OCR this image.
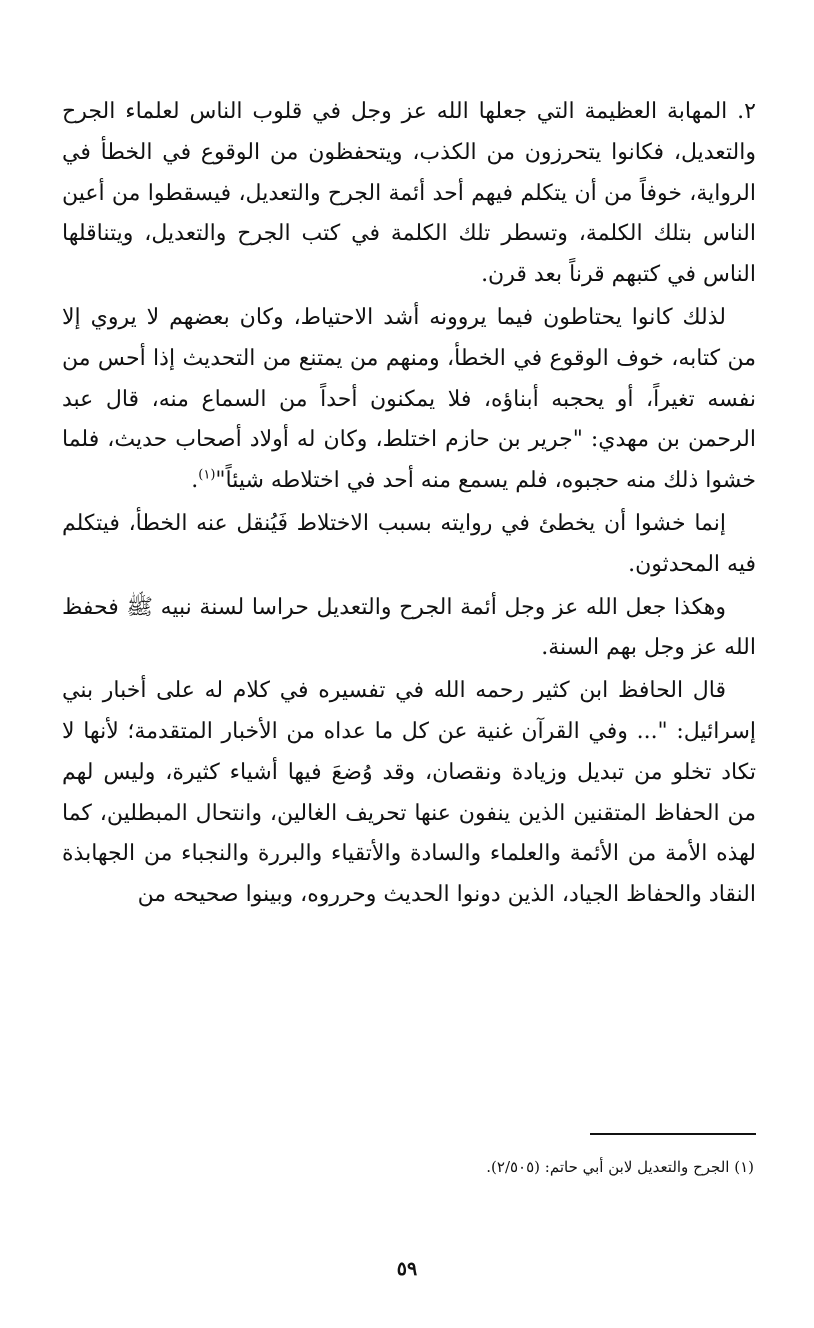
٢. المهابة العظيمة التي جعلها الله عز وجل في قلوب الناس لعلماء الجرح والتعديل، فكانوا يتحرزون من الكذب، ويتحفظون من الوقوع في الخطأ في الرواية، خوفاً من أن يتكلم فيهم أحد أئمة الجرح والتعديل، فيسقطوا من أعين الناس بتلك الكلمة، وتسطر تلك الكلمة في كتب الجرح والتعديل، ويتناقلها الناس في كتبهم قرناً بعد قرن.

لذلك كانوا يحتاطون فيما يروونه أشد الاحتياط، وكان بعضهم لا يروي إلا من كتابه، خوف الوقوع في الخطأ، ومنهم من يمتنع من التحديث إذا أحس من نفسه تغيراً، أو يحجبه أبناؤه، فلا يمكنون أحداً من السماع منه، قال عبد الرحمن بن مهدي: "جرير بن حازم اختلط، وكان له أولاد أصحاب حديث، فلما خشوا ذلك منه حجبوه، فلم يسمع منه أحد في اختلاطه شيئاً"$^{(١)}$.

إنما خشوا أن يخطئ في روايته بسبب الاختلاط فَيُنقل عنه الخطأ، فيتكلم فيه المحدثون.

وهكذا جعل الله عز وجل أئمة الجرح والتعديل حراسا لسنة نبيه ﷺ فحفظ الله عز وجل بهم السنة.

قال الحافظ ابن كثير رحمه الله في تفسيره في كلام له على أخبار بني إسرائيل: "... وفي القرآن غنية عن كل ما عداه من الأخبار المتقدمة؛ لأنها لا تكاد تخلو من تبديل وزيادة ونقصان، وقد وُضعَ فيها أشياء كثيرة، وليس لهم من الحفاظ المتقنين الذين ينفون عنها تحريف الغالين، وانتحال المبطلين، كما لهذه الأمة من الأئمة والعلماء والسادة والأتقياء والبررة والنجباء من الجهابذة النقاد والحفاظ الجياد، الذين دونوا الحديث وحرروه، وبينوا صحيحه من

(١) الجرح والتعديل لابن أبي حاتم: (٢/٥٠٥).
٥٩
